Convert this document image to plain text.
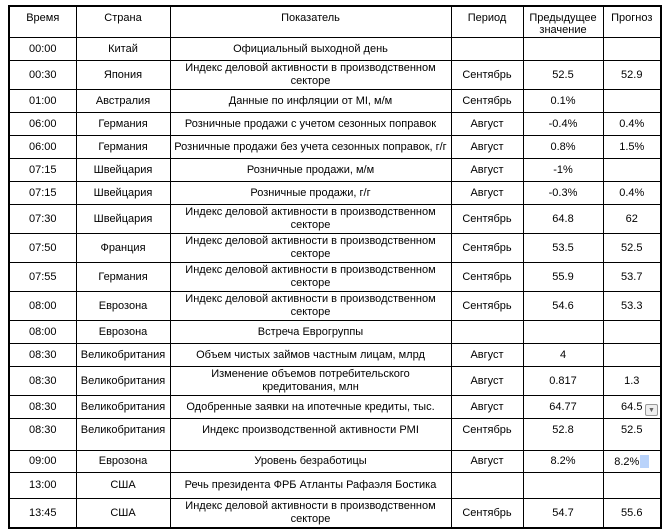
Время	Страна	Показатель	Период	Предыдущее значение	Прогноз
00:00	Китай	Официальный выходной день			
00:30	Япония	Индекс деловой активности в производственном секторе	Сентябрь	52.5	52.9
01:00	Австралия	Данные по инфляции от MI, м/м	Сентябрь	0.1%	
06:00	Германия	Розничные продажи с учетом сезонных поправок	Август	-0.4%	0.4%
06:00	Германия	Розничные продажи без учета сезонных поправок, г/г	Август	0.8%	1.5%
07:15	Швейцария	Розничные продажи, м/м	Август	-1%	
07:15	Швейцария	Розничные продажи, г/г	Август	-0.3%	0.4%
07:30	Швейцария	Индекс деловой активности в производственном секторе	Сентябрь	64.8	62
07:50	Франция	Индекс деловой активности в производственном секторе	Сентябрь	53.5	52.5
07:55	Германия	Индекс деловой активности в производственном секторе	Сентябрь	55.9	53.7
08:00	Еврозона	Индекс деловой активности в производственном секторе	Сентябрь	54.6	53.3
08:00	Еврозона	Встреча Еврогруппы			
08:30	Великобритания	Объем чистых займов частным лицам, млрд	Август	4	
08:30	Великобритания	Изменение объемов потребительского кредитования, млн	Август	0.817	1.3
08:30	Великобритания	Одобренные заявки на ипотечные кредиты, тыс.	Август	64.77	64.5
08:30	Великобритания	Индекс производственной активности PMI	Сентябрь	52.8	52.5
09:00	Еврозона	Уровень безработицы	Август	8.2%	8.2%
13:00	США	Речь президента ФРБ Атланты Рафаэля Бостика			
13:45	США	Индекс деловой активности в производственном секторе	Сентябрь	54.7	55.6
▼
